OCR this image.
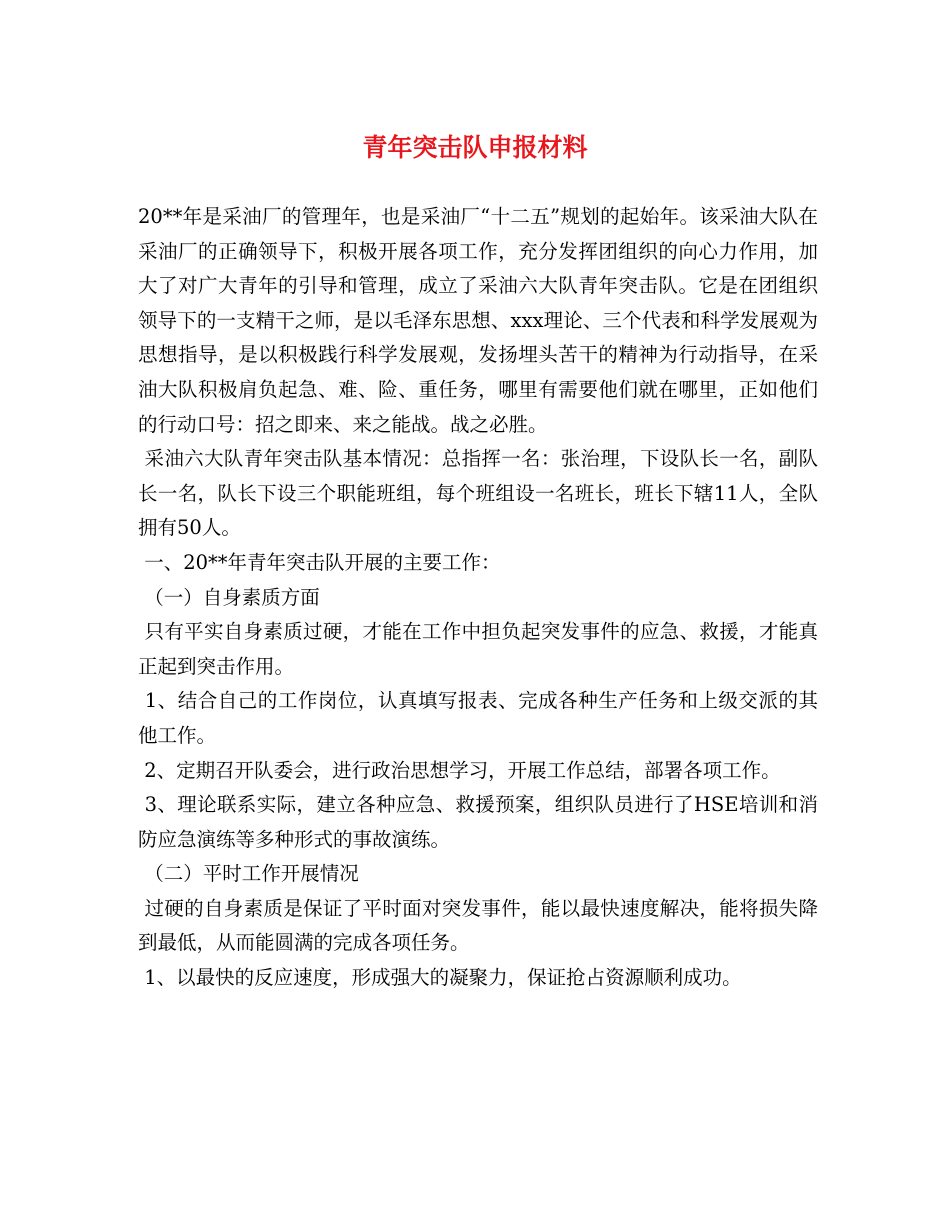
青年突击队申报材料

20**年是采油厂的管理年，也是采油厂“十二五”规划的起始年。该采油大队在采油厂的正确领导下，积极开展各项工作，充分发挥团组织的向心力作用，加大了对广大青年的引导和管理，成立了采油六大队青年突击队。它是在团组织领导下的一支精干之师，是以毛泽东思想、xxx理论、三个代表和科学发展观为思想指导，是以积极践行科学发展观，发扬埋头苦干的精神为行动指导，在采油大队积极肩负起急、难、险、重任务，哪里有需要他们就在哪里，正如他们的行动口号：招之即来、来之能战。战之必胜。

采油六大队青年突击队基本情况：总指挥一名：张治理，下设队长一名，副队长一名，队长下设三个职能班组，每个班组设一名班长，班长下辖11人，全队拥有50人。

一、20**年青年突击队开展的主要工作：

（一）自身素质方面

只有平实自身素质过硬，才能在工作中担负起突发事件的应急、救援，才能真正起到突击作用。

1、结合自己的工作岗位，认真填写报表、完成各种生产任务和上级交派的其他工作。

2、定期召开队委会，进行政治思想学习，开展工作总结，部署各项工作。

3、理论联系实际，建立各种应急、救援预案，组织队员进行了HSE培训和消防应急演练等多种形式的事故演练。

（二）平时工作开展情况

过硬的自身素质是保证了平时面对突发事件，能以最快速度解决，能将损失降到最低，从而能圆满的完成各项任务。

1、以最快的反应速度，形成强大的凝聚力，保证抢占资源顺利成功。
